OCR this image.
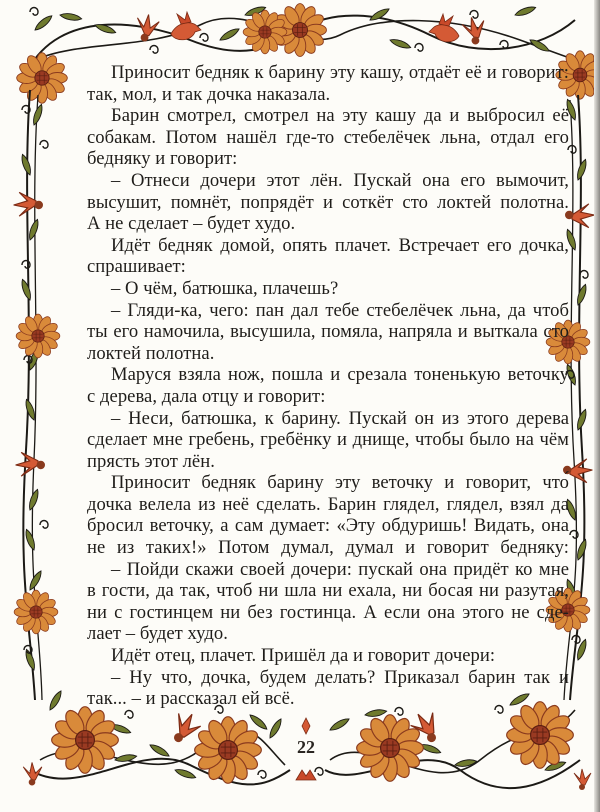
Приносит бедняк к барину эту кашу, отдаёт её и говорит:
так, мол, и так дочка наказала.
Барин смотрел, смотрел на эту кашу да и выбросил её
собакам. Потом нашёл где-то стебелёчек льна, отдал его
бедняку и говорит:
– Отнеси дочери этот лён. Пускай она его вымочит,
высушит, помнёт, попрядёт и соткёт сто локтей полотна.
А не сделает – будет худо.
Идёт бедняк домой, опять плачет. Встречает его дочка,
спрашивает:
– О чём, батюшка, плачешь?
– Гляди-ка, чего: пан дал тебе стебелёчек льна, да чтоб
ты его намочила, высушила, помяла, напряла и выткала сто
локтей полотна.
Маруся взяла нож, пошла и срезала тоненькую веточку
с дерева, дала отцу и говорит:
– Неси, батюшка, к барину. Пускай он из этого дерева
сделает мне гребень, гребёнку и днище, чтобы было на чём
прясть этот лён.
Приносит бедняк барину эту веточку и говорит, что́
дочка велела из неё сделать. Барин глядел, глядел, взял да
бросил веточку, а сам думает: «Эту обдуришь! Видать, она
не из таких!» Потом думал, думал и говорит бедняку:
– Пойди скажи своей дочери: пускай она придёт ко мне
в гости, да так, чтоб ни шла ни ехала, ни босая ни разутая,
ни с гостинцем ни без гостинца. А если она этого не сде-
лает – будет худо.
Идёт отец, плачет. Пришёл да и говорит дочери:
– Ну что, дочка, будем делать? Приказал барин так и
так... – и рассказал ей всё.
22
